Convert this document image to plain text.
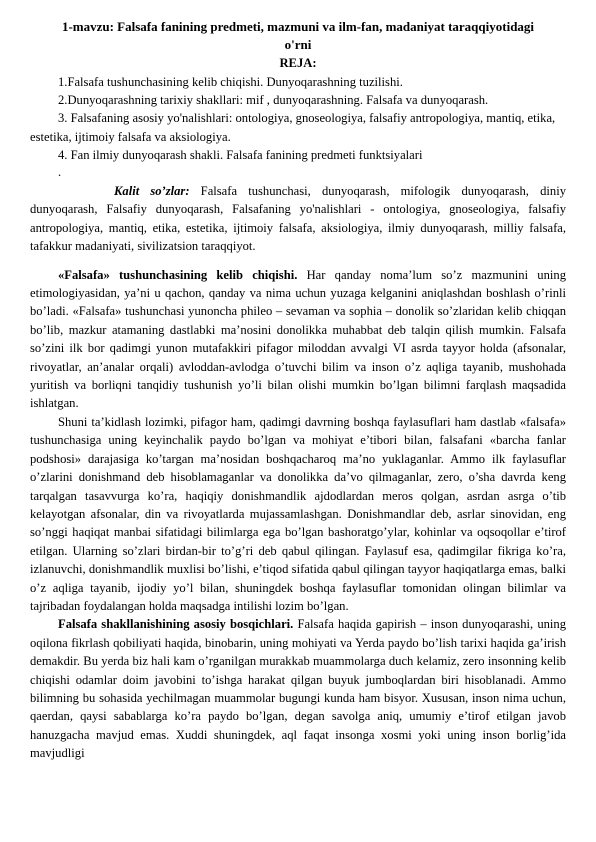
1-mavzu: Falsafa fanining predmeti, mazmuni va ilm-fan, madaniyat taraqqiyotidagi
o'rni
REJA:
1.Falsafa tushunchasining kelib chiqishi. Dunyoqarashning tuzilishi.
2.Dunyoqarashning tarixiy shakllari: mif , dunyoqarashning. Falsafa va dunyoqarash.
3. Falsafaning asosiy yo'nalishlari: ontologiya, gnoseologiya, falsafiy antropologiya, mantiq, etika, estetika, ijtimoiy falsafa va aksiologiya.
4. Fan ilmiy dunyoqarash shakli. Falsafa fanining predmeti funktsiyalari

.

Kalit so’zlar: Falsafa tushunchasi, dunyoqarash, mifologik dunyoqarash, diniy dunyoqarash, Falsafiy dunyoqarash, Falsafaning yo'nalishlari - ontologiya, gnoseologiya, falsafiy antropologiya, mantiq, etika, estetika, ijtimoiy falsafa, aksiologiya, ilmiy dunyoqarash, milliy falsafa, tafakkur madaniyati, sivilizatsion taraqqiyot.

«Falsafa» tushunchasining kelib chiqishi. Har qanday noma’lum so’z mazmunini uning etimologiyasidan, ya’ni u qachon, qanday va nima uchun yuzaga kelganini aniqlashdan boshlash o’rinli bo’ladi. «Falsafa» tushunchasi yunoncha phileo – sevaman va sophia – donolik so’zlaridan kelib chiqqan bo’lib, mazkur atamaning dastlabki ma’nosini donolikka muhabbat deb talqin qilish mumkin. Falsafa so’zini ilk bor qadimgi yunon mutafakkiri pifagor miloddan avvalgi VI asrda tayyor holda (afsonalar, rivoyatlar, an’analar orqali) avloddan-avlodga o’tuvchi bilim va inson o’z aqliga tayanib, mushohada yuritish va borliqni tanqidiy tushunish yo’li bilan olishi mumkin bo’lgan bilimni farqlash maqsadida ishlatgan.

Shuni ta’kidlash lozimki, pifagor ham, qadimgi davrning boshqa faylasuflari ham dastlab «falsafa» tushunchasiga uning keyinchalik paydo bo’lgan va mohiyat e’tibori bilan, falsafani «barcha fanlar podshosi» darajasiga ko’targan ma’nosidan boshqacharoq ma’no yuklaganlar. Ammo ilk faylasuflar o’zlarini donishmand deb hisoblamaganlar va donolikka da’vo qilmaganlar, zero, o’sha davrda keng tarqalgan tasavvurga ko’ra, haqiqiy donishmandlik ajdodlardan meros qolgan, asrdan asrga o’tib kelayotgan afsonalar, din va rivoyatlarda mujassamlashgan. Donishmandlar deb, asrlar sinovidan, eng so’nggi haqiqat manbai sifatidagi bilimlarga ega bo’lgan bashoratgo’ylar, kohinlar va oqsoqollar e’tirof etilgan. Ularning so’zlari birdan-bir to’g’ri deb qabul qilingan. Faylasuf esa, qadimgilar fikriga ko’ra, izlanuvchi, donishmandlik muxlisi bo’lishi, e’tiqod sifatida qabul qilingan tayyor haqiqatlarga emas, balki o’z aqliga tayanib, ijodiy yo’l bilan, shuningdek boshqa faylasuflar tomonidan olingan bilimlar va tajribadan foydalangan holda maqsadga intilishi lozim bo’lgan.

Falsafa shakllanishining asosiy bosqichlari. Falsafa haqida gapirish – inson dunyoqarashi, uning oqilona fikrlash qobiliyati haqida, binobarin, uning mohiyati va Yerda paydo bo’lish tarixi haqida ga’irish demakdir. Bu yerda biz hali kam o’rganilgan murakkab muammolarga duch kelamiz, zero insonning kelib chiqishi odamlar doim javobini to’ishga harakat qilgan buyuk jumboqlardan biri hisoblanadi. Ammo bilimning bu sohasida yechilmagan muammolar bugungi kunda ham bisyor. Xususan, inson nima uchun, qaerdan, qaysi sabablarga ko’ra paydo bo’lgan, degan savolga aniq, umumiy e’tirof etilgan javob hanuzgacha mavjud emas. Xuddi shuningdek, aql faqat insonga xosmi yoki uning inson borlig’ida mavjudligi
